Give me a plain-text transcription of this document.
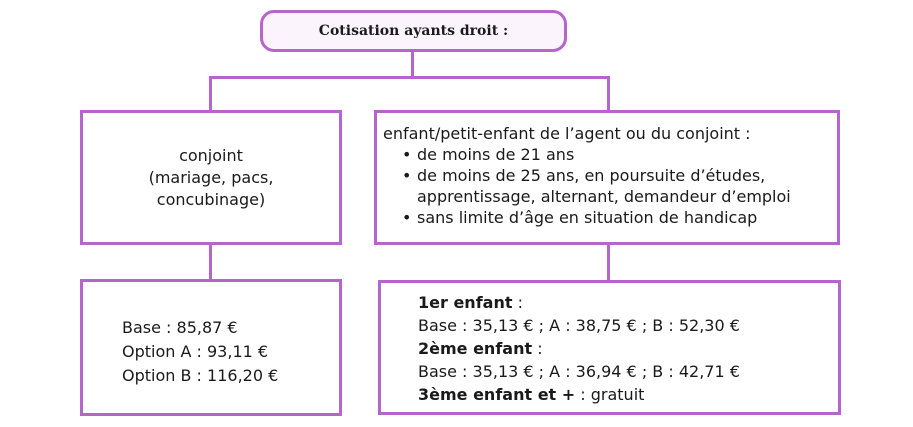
Cotisation ayants droit :
conjoint
(mariage, pacs,
concubinage)
enfant/petit-enfant de l’agent ou du conjoint :
• de moins de 21 ans
• de moins de 25 ans, en poursuite d’études, apprentissage, alternant, demandeur d’emploi
• sans limite d’âge en situation de handicap
Base : 85,87 €
Option A : 93,11 €
Option B : 116,20 €
1er enfant :
Base : 35,13 € ; A : 38,75 € ; B : 52,30 €
2ème enfant :
Base : 35,13 € ; A : 36,94 € ; B : 42,71 €
3ème enfant et + : gratuit
